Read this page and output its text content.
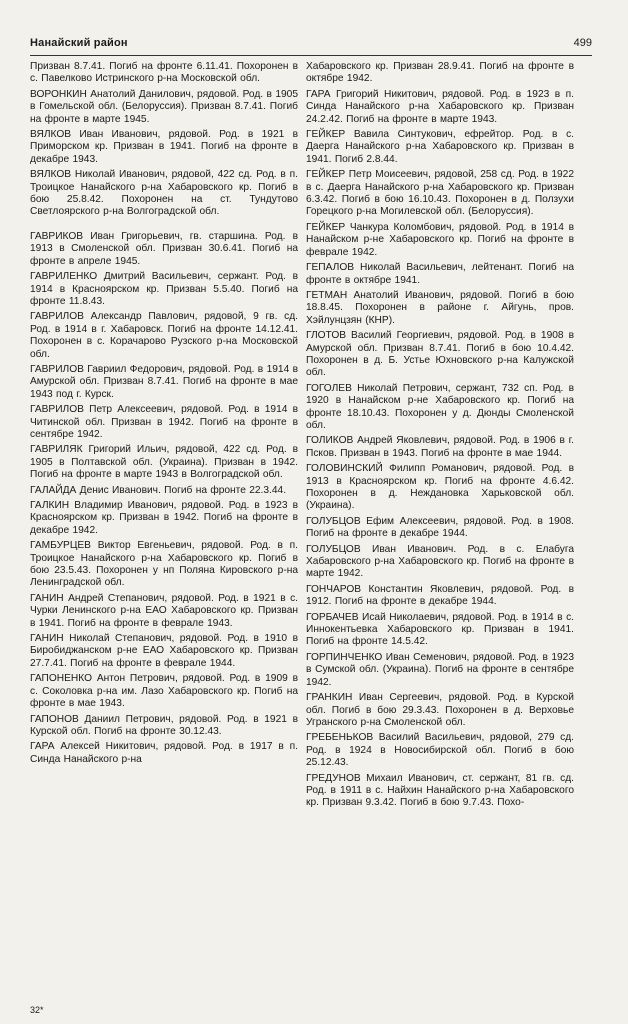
Нанайский район	499

Призван 8.7.41. Погиб на фронте 6.11.41. Похоронен в с. Павелково Истринского р-на Московской обл.

ВОРОНКИН Анатолий Данилович, рядовой. Род. в 1905 в Гомельской обл. (Белоруссия). Призван 8.7.41. Погиб на фронте в марте 1945.

ВЯЛКОВ Иван Иванович, рядовой. Род. в 1921 в Приморском кр. Призван в 1941. Погиб на фронте в декабре 1943.

ВЯЛКОВ Николай Иванович, рядовой, 422 сд. Род. в п. Троицкое Нанайского р-на Хабаровского кр. Погиб в бою 25.8.42. Похоронен на ст. Тундутово Светлоярского р-на Волгоградской обл.

ГАВРИКОВ Иван Григорьевич, гв. старшина. Род. в 1913 в Смоленской обл. Призван 30.6.41. Погиб на фронте в апреле 1945.

ГАВРИЛЕНКО Дмитрий Васильевич, сержант. Род. в 1914 в Красноярском кр. Призван 5.5.40. Погиб на фронте 11.8.43.

ГАВРИЛОВ Александр Павлович, рядовой, 9 гв. сд. Род. в 1914 в г. Хабаровск. Погиб на фронте 14.12.41. Похоронен в с. Корачарово Рузского р-на Московской обл.

ГАВРИЛОВ Гавриил Федорович, рядовой. Род. в 1914 в Амурской обл. Призван 8.7.41. Погиб на фронте в мае 1943 под г. Курск.

ГАВРИЛОВ Петр Алексеевич, рядовой. Род. в 1914 в Читинской обл. Призван в 1942. Погиб на фронте в сентябре 1942.

ГАВРИЛЯК Григорий Ильич, рядовой, 422 сд. Род. в 1905 в Полтавской обл. (Украина). Призван в 1942. Погиб на фронте в марте 1943 в Волгоградской обл.

ГАЛАЙДА Денис Иванович. Погиб на фронте 22.3.44.

ГАЛКИН Владимир Иванович, рядовой. Род. в 1923 в Красноярском кр. Призван в 1942. Погиб на фронте в декабре 1942.

ГАМБУРЦЕВ Виктор Евгеньевич, рядовой. Род. в п. Троицкое Нанайского р-на Хабаровского кр. Погиб в бою 23.5.43. Похоронен у нп Поляна Кировского р-на Ленинградской обл.

ГАНИН Андрей Степанович, рядовой. Род. в 1921 в с. Чурки Ленинского р-на ЕАО Хабаровского кр. Призван в 1941. Погиб на фронте в феврале 1943.

ГАНИН Николай Степанович, рядовой. Род. в 1910 в Биробиджанском р-не ЕАО Хабаровского кр. Призван 27.7.41. Погиб на фронте в феврале 1944.

ГАПОНЕНКО Антон Петрович, рядовой. Род. в 1909 в с. Соколовка р-на им. Лазо Хабаровского кр. Погиб на фронте в мае 1943.

ГАПОНОВ Даниил Петрович, рядовой. Род. в 1921 в Курской обл. Погиб на фронте 30.12.43.

ГАРА Алексей Никитович, рядовой. Род. в 1917 в п. Синда Нанайского р-на

Хабаровского кр. Призван 28.9.41. Погиб на фронте в октябре 1942.

ГАРА Григорий Никитович, рядовой. Род. в 1923 в п. Синда Нанайского р-на Хабаровского кр. Призван 24.2.42. Погиб на фронте в марте 1943.

ГЕЙКЕР Вавила Синтукович, ефрейтор. Род. в с. Даерга Нанайского р-на Хабаровского кр. Призван в 1941. Погиб 2.8.44.

ГЕЙКЕР Петр Моисеевич, рядовой, 258 сд. Род. в 1922 в с. Даерга Нанайского р-на Хабаровского кр. Призван 6.3.42. Погиб в бою 16.10.43. Похоронен в д. Ползухи Горецкого р-на Могилевской обл. (Белоруссия).

ГЕЙКЕР Чанкура Коломбович, рядовой. Род. в 1914 в Нанайском р-не Хабаровского кр. Погиб на фронте в феврале 1942.

ГЕПАЛОВ Николай Васильевич, лейтенант. Погиб на фронте в октябре 1941.

ГЕТМАН Анатолий Иванович, рядовой. Погиб в бою 18.8.45. Похоронен в районе г. Айгунь, пров. Хэйлунцзян (КНР).

ГЛОТОВ Василий Георгиевич, рядовой. Род. в 1908 в Амурской обл. Призван 8.7.41. Погиб в бою 10.4.42. Похоронен в д. Б. Устье Юхновского р-на Калужской обл.

ГОГОЛЕВ Николай Петрович, сержант, 732 сп. Род. в 1920 в Нанайском р-не Хабаровского кр. Погиб на фронте 18.10.43. Похоронен у д. Дюнды Смоленской обл.

ГОЛИКОВ Андрей Яковлевич, рядовой. Род. в 1906 в г. Псков. Призван в 1943. Погиб на фронте в мае 1944.

ГОЛОВИНСКИЙ Филипп Романович, рядовой. Род. в 1913 в Красноярском кр. Погиб на фронте 4.6.42. Похоронен в д. Неждановка Харьковской обл. (Украина).

ГОЛУБЦОВ Ефим Алексеевич, рядовой. Род. в 1908. Погиб на фронте в декабре 1944.

ГОЛУБЦОВ Иван Иванович. Род. в с. Елабуга Хабаровского р-на Хабаровского кр. Погиб на фронте в марте 1942.

ГОНЧАРОВ Константин Яковлевич, рядовой. Род. в 1912. Погиб на фронте в декабре 1944.

ГОРБАЧЕВ Исай Николаевич, рядовой. Род. в 1914 в с. Иннокентьевка Хабаровского кр. Призван в 1941. Погиб на фронте 14.5.42.

ГОРПИНЧЕНКО Иван Семенович, рядовой. Род. в 1923 в Сумской обл. (Украина). Погиб на фронте в сентябре 1942.

ГРАНКИН Иван Сергеевич, рядовой. Род. в Курской обл. Погиб в бою 29.3.43. Похоронен в д. Верховье Угранского р-на Смоленской обл.

ГРЕБЕНЬКОВ Василий Васильевич, рядовой, 279 сд. Род. в 1924 в Новосибирской обл. Погиб в бою 25.12.43.

ГРЕДУНОВ Михаил Иванович, ст. сержант, 81 гв. сд. Род. в 1911 в с. Найхин Нанайского р-на Хабаровского кр. Призван 9.3.42. Погиб в бою 9.7.43. Похо-

32*
